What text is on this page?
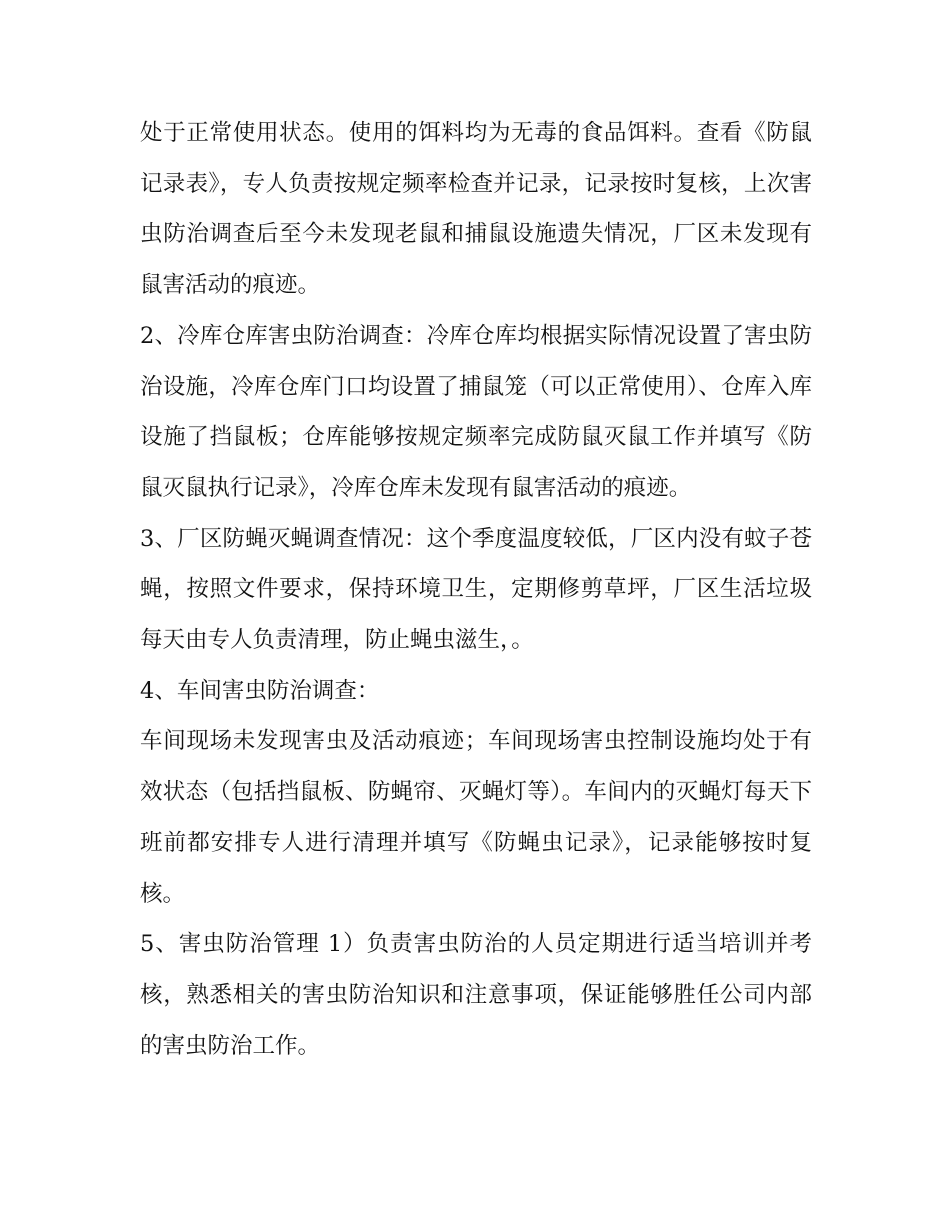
处于正常使用状态。使用的饵料均为无毒的食品饵料。查看《防鼠记录表》，专人负责按规定频率检查并记录，记录按时复核，上次害虫防治调查后至今未发现老鼠和捕鼠设施遗失情况，厂区未发现有鼠害活动的痕迹。

2、冷库仓库害虫防治调查：冷库仓库均根据实际情况设置了害虫防治设施，冷库仓库门口均设置了捕鼠笼（可以正常使用）、仓库入库设施了挡鼠板；仓库能够按规定频率完成防鼠灭鼠工作并填写《防鼠灭鼠执行记录》，冷库仓库未发现有鼠害活动的痕迹。

3、厂区防蝇灭蝇调查情况：这个季度温度较低，厂区内没有蚊子苍蝇，按照文件要求，保持环境卫生，定期修剪草坪，厂区生活垃圾每天由专人负责清理，防止蝇虫滋生，。

4、车间害虫防治调查：

车间现场未发现害虫及活动痕迹；车间现场害虫控制设施均处于有效状态（包括挡鼠板、防蝇帘、灭蝇灯等）。车间内的灭蝇灯每天下班前都安排专人进行清理并填写《防蝇虫记录》，记录能够按时复核。

5、害虫防治管理 1）负责害虫防治的人员定期进行适当培训并考核，熟悉相关的害虫防治知识和注意事项，保证能够胜任公司内部的害虫防治工作。
